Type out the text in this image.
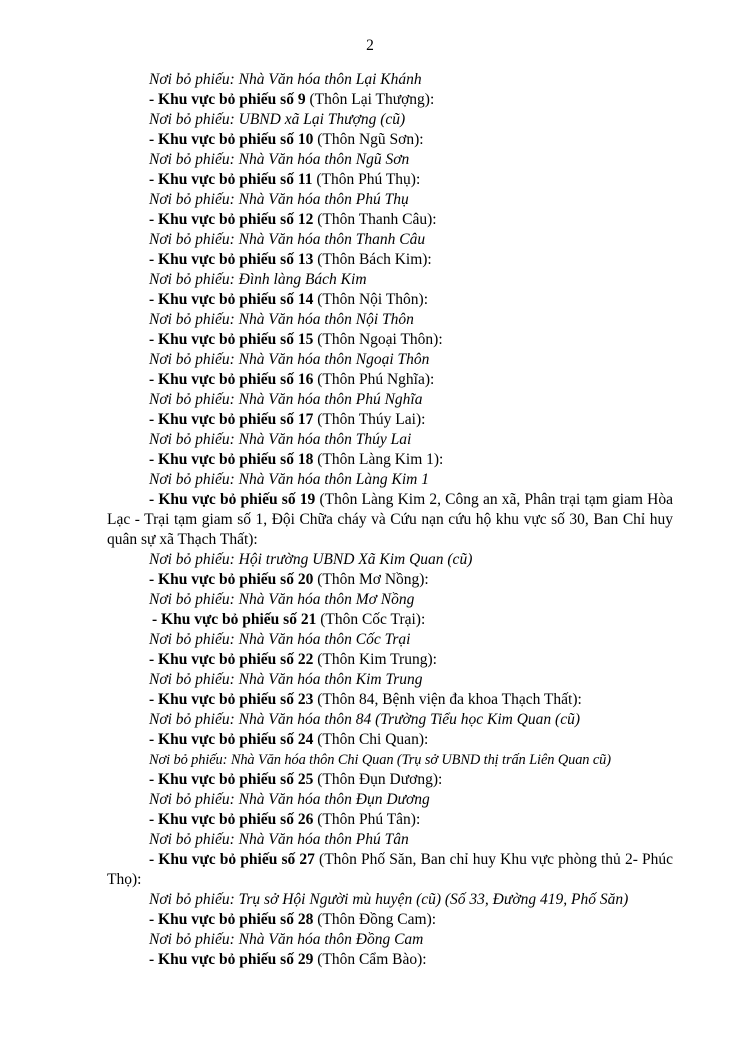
2
Nơi bỏ phiếu: Nhà Văn hóa thôn Lại Khánh
- Khu vực bỏ phiếu số 9 (Thôn Lại Thượng):
Nơi bỏ phiếu: UBND xã Lại Thượng (cũ)
- Khu vực bỏ phiếu số 10 (Thôn Ngũ Sơn):
Nơi bỏ phiếu: Nhà Văn hóa thôn Ngũ Sơn
- Khu vực bỏ phiếu số 11 (Thôn Phú Thụ):
Nơi bỏ phiếu: Nhà Văn hóa thôn Phú Thụ
- Khu vực bỏ phiếu số 12 (Thôn Thanh Câu):
Nơi bỏ phiếu: Nhà Văn hóa thôn Thanh Câu
- Khu vực bỏ phiếu số 13 (Thôn Bách Kim):
Nơi bỏ phiếu: Đình làng Bách Kim
- Khu vực bỏ phiếu số 14 (Thôn Nội Thôn):
Nơi bỏ phiếu: Nhà Văn hóa thôn Nội Thôn
- Khu vực bỏ phiếu số 15 (Thôn Ngoại Thôn):
Nơi bỏ phiếu: Nhà Văn hóa thôn Ngoại Thôn
- Khu vực bỏ phiếu số 16 (Thôn Phú Nghĩa):
Nơi bỏ phiếu: Nhà Văn hóa thôn Phú Nghĩa
- Khu vực bỏ phiếu số 17 (Thôn Thúy Lai):
Nơi bỏ phiếu: Nhà Văn hóa thôn Thúy Lai
- Khu vực bỏ phiếu số 18 (Thôn Làng Kim 1):
Nơi bỏ phiếu: Nhà Văn hóa thôn Làng Kim 1
- Khu vực bỏ phiếu số 19 (Thôn Làng Kim 2, Công an xã, Phân trại tạm giam Hòa Lạc - Trại tạm giam số 1, Đội Chữa cháy và Cứu nạn cứu hộ khu vực số 30, Ban Chỉ huy quân sự xã Thạch Thất):
Nơi bỏ phiếu: Hội trường UBND Xã Kim Quan (cũ)
- Khu vực bỏ phiếu số 20 (Thôn Mơ Nồng):
Nơi bỏ phiếu: Nhà Văn hóa thôn Mơ Nồng
- Khu vực bỏ phiếu số 21 (Thôn Cốc Trại):
Nơi bỏ phiếu: Nhà Văn hóa thôn Cốc Trại
- Khu vực bỏ phiếu số 22 (Thôn Kim Trung):
Nơi bỏ phiếu: Nhà Văn hóa thôn Kim Trung
- Khu vực bỏ phiếu số 23 (Thôn 84, Bệnh viện đa khoa Thạch Thất):
Nơi bỏ phiếu: Nhà Văn hóa thôn 84 (Trường Tiểu học Kim Quan (cũ)
- Khu vực bỏ phiếu số 24 (Thôn Chi Quan):
Nơi bỏ phiếu: Nhà Văn hóa thôn Chi Quan (Trụ sở UBND thị trấn Liên Quan cũ)
- Khu vực bỏ phiếu số 25 (Thôn Đụn Dương):
Nơi bỏ phiếu: Nhà Văn hóa thôn Đụn Dương
- Khu vực bỏ phiếu số 26 (Thôn Phú Tân):
Nơi bỏ phiếu: Nhà Văn hóa thôn Phú Tân
- Khu vực bỏ phiếu số 27 (Thôn Phố Săn, Ban chỉ huy Khu vực phòng thủ 2- Phúc Thọ):
Nơi bỏ phiếu: Trụ sở Hội Người mù huyện (cũ) (Số 33, Đường 419, Phố Săn)
- Khu vực bỏ phiếu số 28 (Thôn Đồng Cam):
Nơi bỏ phiếu: Nhà Văn hóa thôn Đồng Cam
- Khu vực bỏ phiếu số 29 (Thôn Cẩm Bào):
